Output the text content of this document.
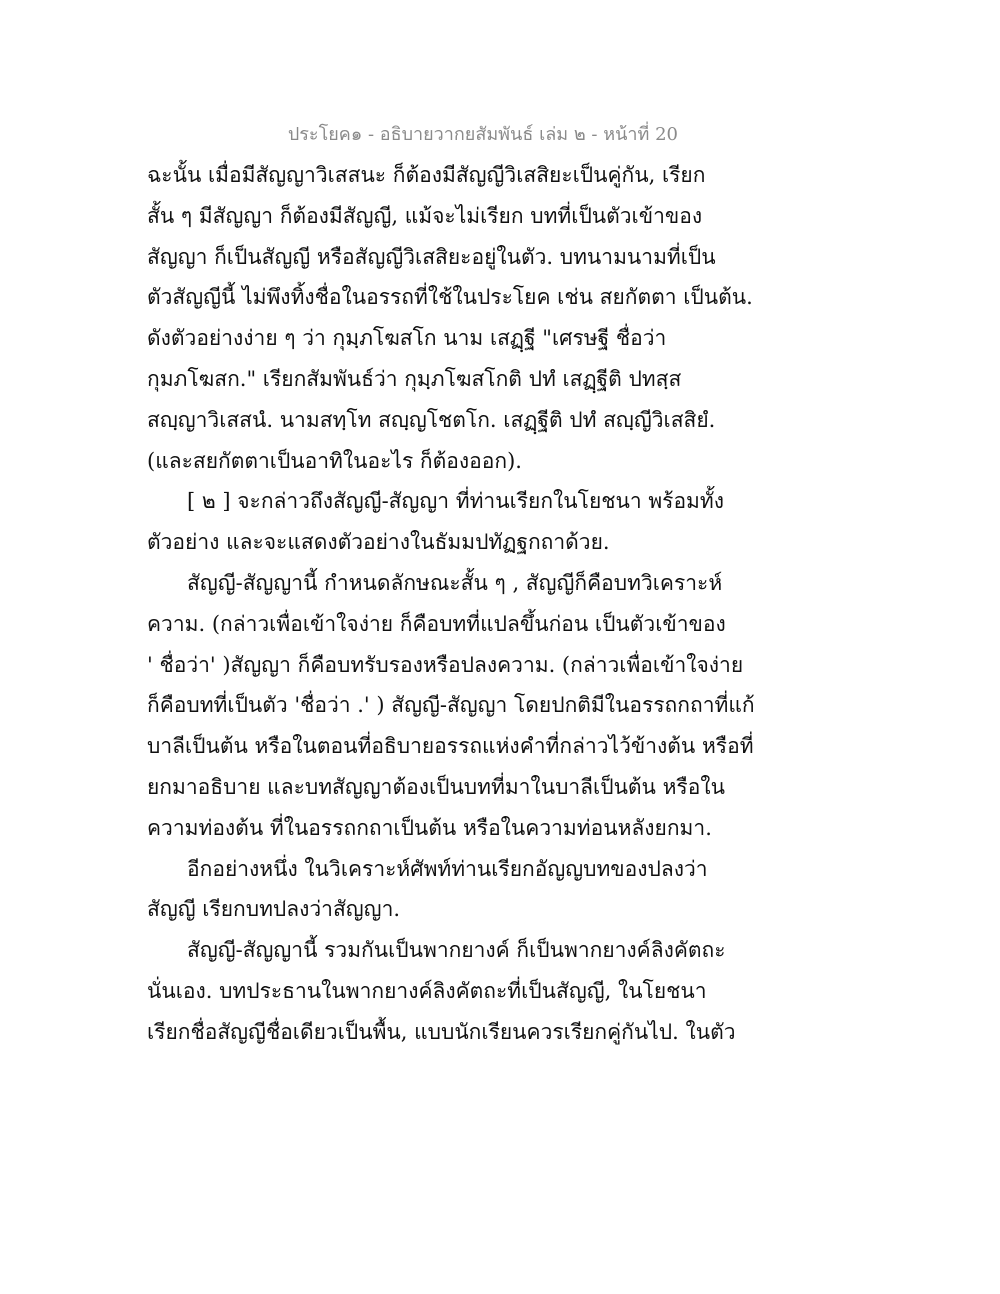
ประโยค๑ - อธิบายวากยสัมพันธ์ เล่ม ๒ - หน้าที่ 20
ฉะนั้น เมื่อมีสัญญาวิเสสนะ ก็ต้องมีสัญญีวิเสสิยะเป็นคู่กัน, เรียก
สั้น ๆ มีสัญญา ก็ต้องมีสัญญี, แม้จะไม่เรียก บทที่เป็นตัวเข้าของ
สัญญา ก็เป็นสัญญี หรือสัญญีวิเสสิยะอยู่ในตัว. บทนามนามที่เป็น
ตัวสัญญีนี้ ไม่พึงทิ้งชื่อในอรรถที่ใช้ในประโยค เช่น สยกัตตา เป็นต้น.
ดังตัวอย่างง่าย ๆ ว่า กุมฺภโฆสโก นาม เสฏฺฐี "เศรษฐี ชื่อว่า
กุมภโฆสก." เรียกสัมพันธ์ว่า กุมฺภโฆสโกติ ปทํ เสฏฺฐีติ ปทสฺส
สญฺญาวิเสสนํ. นามสทฺโท สญฺญโชตโก. เสฏฺฐีติ ปทํ สญฺญีวิเสสิยํ.
(และสยกัตตาเป็นอาทิในอะไร ก็ต้องออก).
[ ๒ ] จะกล่าวถึงสัญญี-สัญญา ที่ท่านเรียกในโยชนา พร้อมทั้ง
ตัวอย่าง และจะแสดงตัวอย่างในธัมมปทัฏฐกถาด้วย.
สัญญี-สัญญานี้ กำหนดลักษณะสั้น ๆ , สัญญีก็คือบทวิเคราะห์
ความ. (กล่าวเพื่อเข้าใจง่าย ก็คือบทที่แปลขึ้นก่อน เป็นตัวเข้าของ
' ชื่อว่า' )สัญญา ก็คือบทรับรองหรือปลงความ. (กล่าวเพื่อเข้าใจง่าย
ก็คือบทที่เป็นตัว 'ชื่อว่า .' ) สัญญี-สัญญา โดยปกติมีในอรรถกถาที่แก้
บาลีเป็นต้น หรือในตอนที่อธิบายอรรถแห่งคำที่กล่าวไว้ข้างต้น หรือที่
ยกมาอธิบาย และบทสัญญาต้องเป็นบทที่มาในบาลีเป็นต้น หรือใน
ความท่องต้น ที่ในอรรถกถาเป็นต้น หรือในความท่อนหลังยกมา.
อีกอย่างหนึ่ง ในวิเคราะห์ศัพท์ท่านเรียกอัญญบทของปลงว่า
สัญญี เรียกบทปลงว่าสัญญา.
สัญญี-สัญญานี้ รวมกันเป็นพากยางค์ ก็เป็นพากยางค์ลิงคัตถะ
นั่นเอง. บทประธานในพากยางค์ลิงคัตถะที่เป็นสัญญี, ในโยชนา
เรียกชื่อสัญญีชื่อเดียวเป็นพื้น, แบบนักเรียนควรเรียกคู่กันไป. ในตัว
